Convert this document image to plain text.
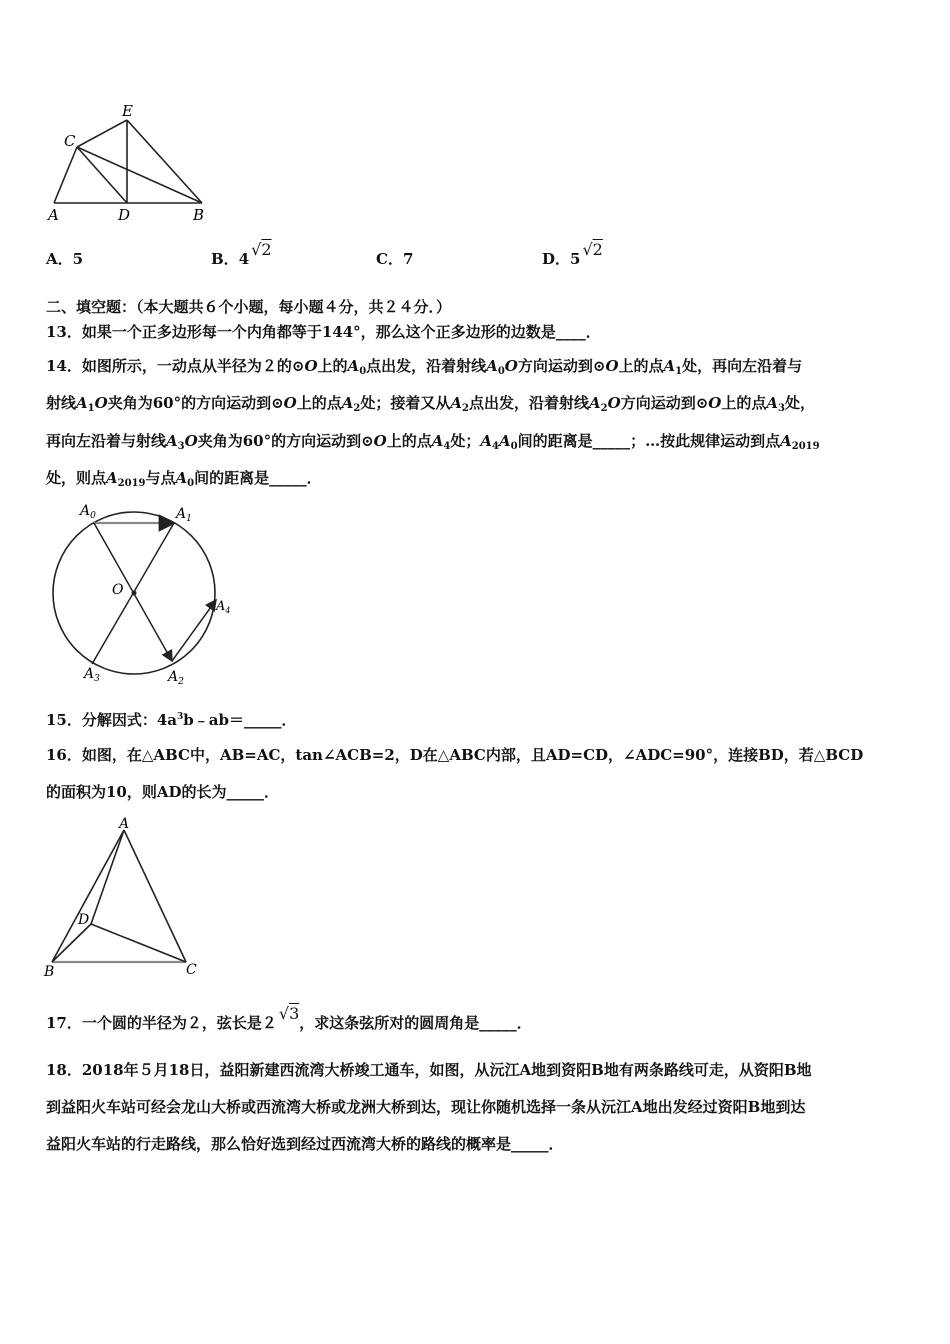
E
C
A	D	B
A．5	B．4 √2	C．7	D．5 √2
二、填空题：（本大题共６个小题，每小题４分，共２４分．）
13．如果一个正多边形每一个内角都等于144°，那么这个正多边形的边数是____．
14．如图所示，一动点从半径为２的⊙O上的$A_0$点出发，沿着射线$A_0O$方向运动到⊙O上的点$A_1$处，再向左沿着与
射线$A_1O$夹角为60°的方向运动到⊙O上的点$A_2$处；接着又从$A_2$点出发，沿着射线$A_2O$方向运动到⊙O上的点$A_3$处，
再向左沿着与射线$A_3O$夹角为60°的方向运动到⊙O上的点$A_4$处；$A_4A_0$间的距离是_____；…按此规律运动到点$A_{2019}$
处，则点$A_{2019}$与点$A_0$间的距离是_____．
$A_0$	$A_1$
O
$A_4$
$A_3$	$A_2$
15．分解因式：$4a^3b﹣ab=\_\_\_\_\_$．
16．如图，在△ABC中，AB=AC，tan∠ACB=2，D在△ABC内部，且AD=CD，∠ADC=90°，连接BD，若△BCD
的面积为10，则AD的长为_____．
A
D
B	C
17．一个圆的半径为２，弦长是２ √3，求这条弦所对的圆周角是_____．
18．2018年５月18日，益阳新建西流湾大桥竣工通车，如图，从沅江A地到资阳B地有两条路线可走，从资阳B地
到益阳火车站可经会龙山大桥或西流湾大桥或龙洲大桥到达，现让你随机选择一条从沅江A地出发经过资阳B地到达
益阳火车站的行走路线，那么恰好选到经过西流湾大桥的路线的概率是_____．
